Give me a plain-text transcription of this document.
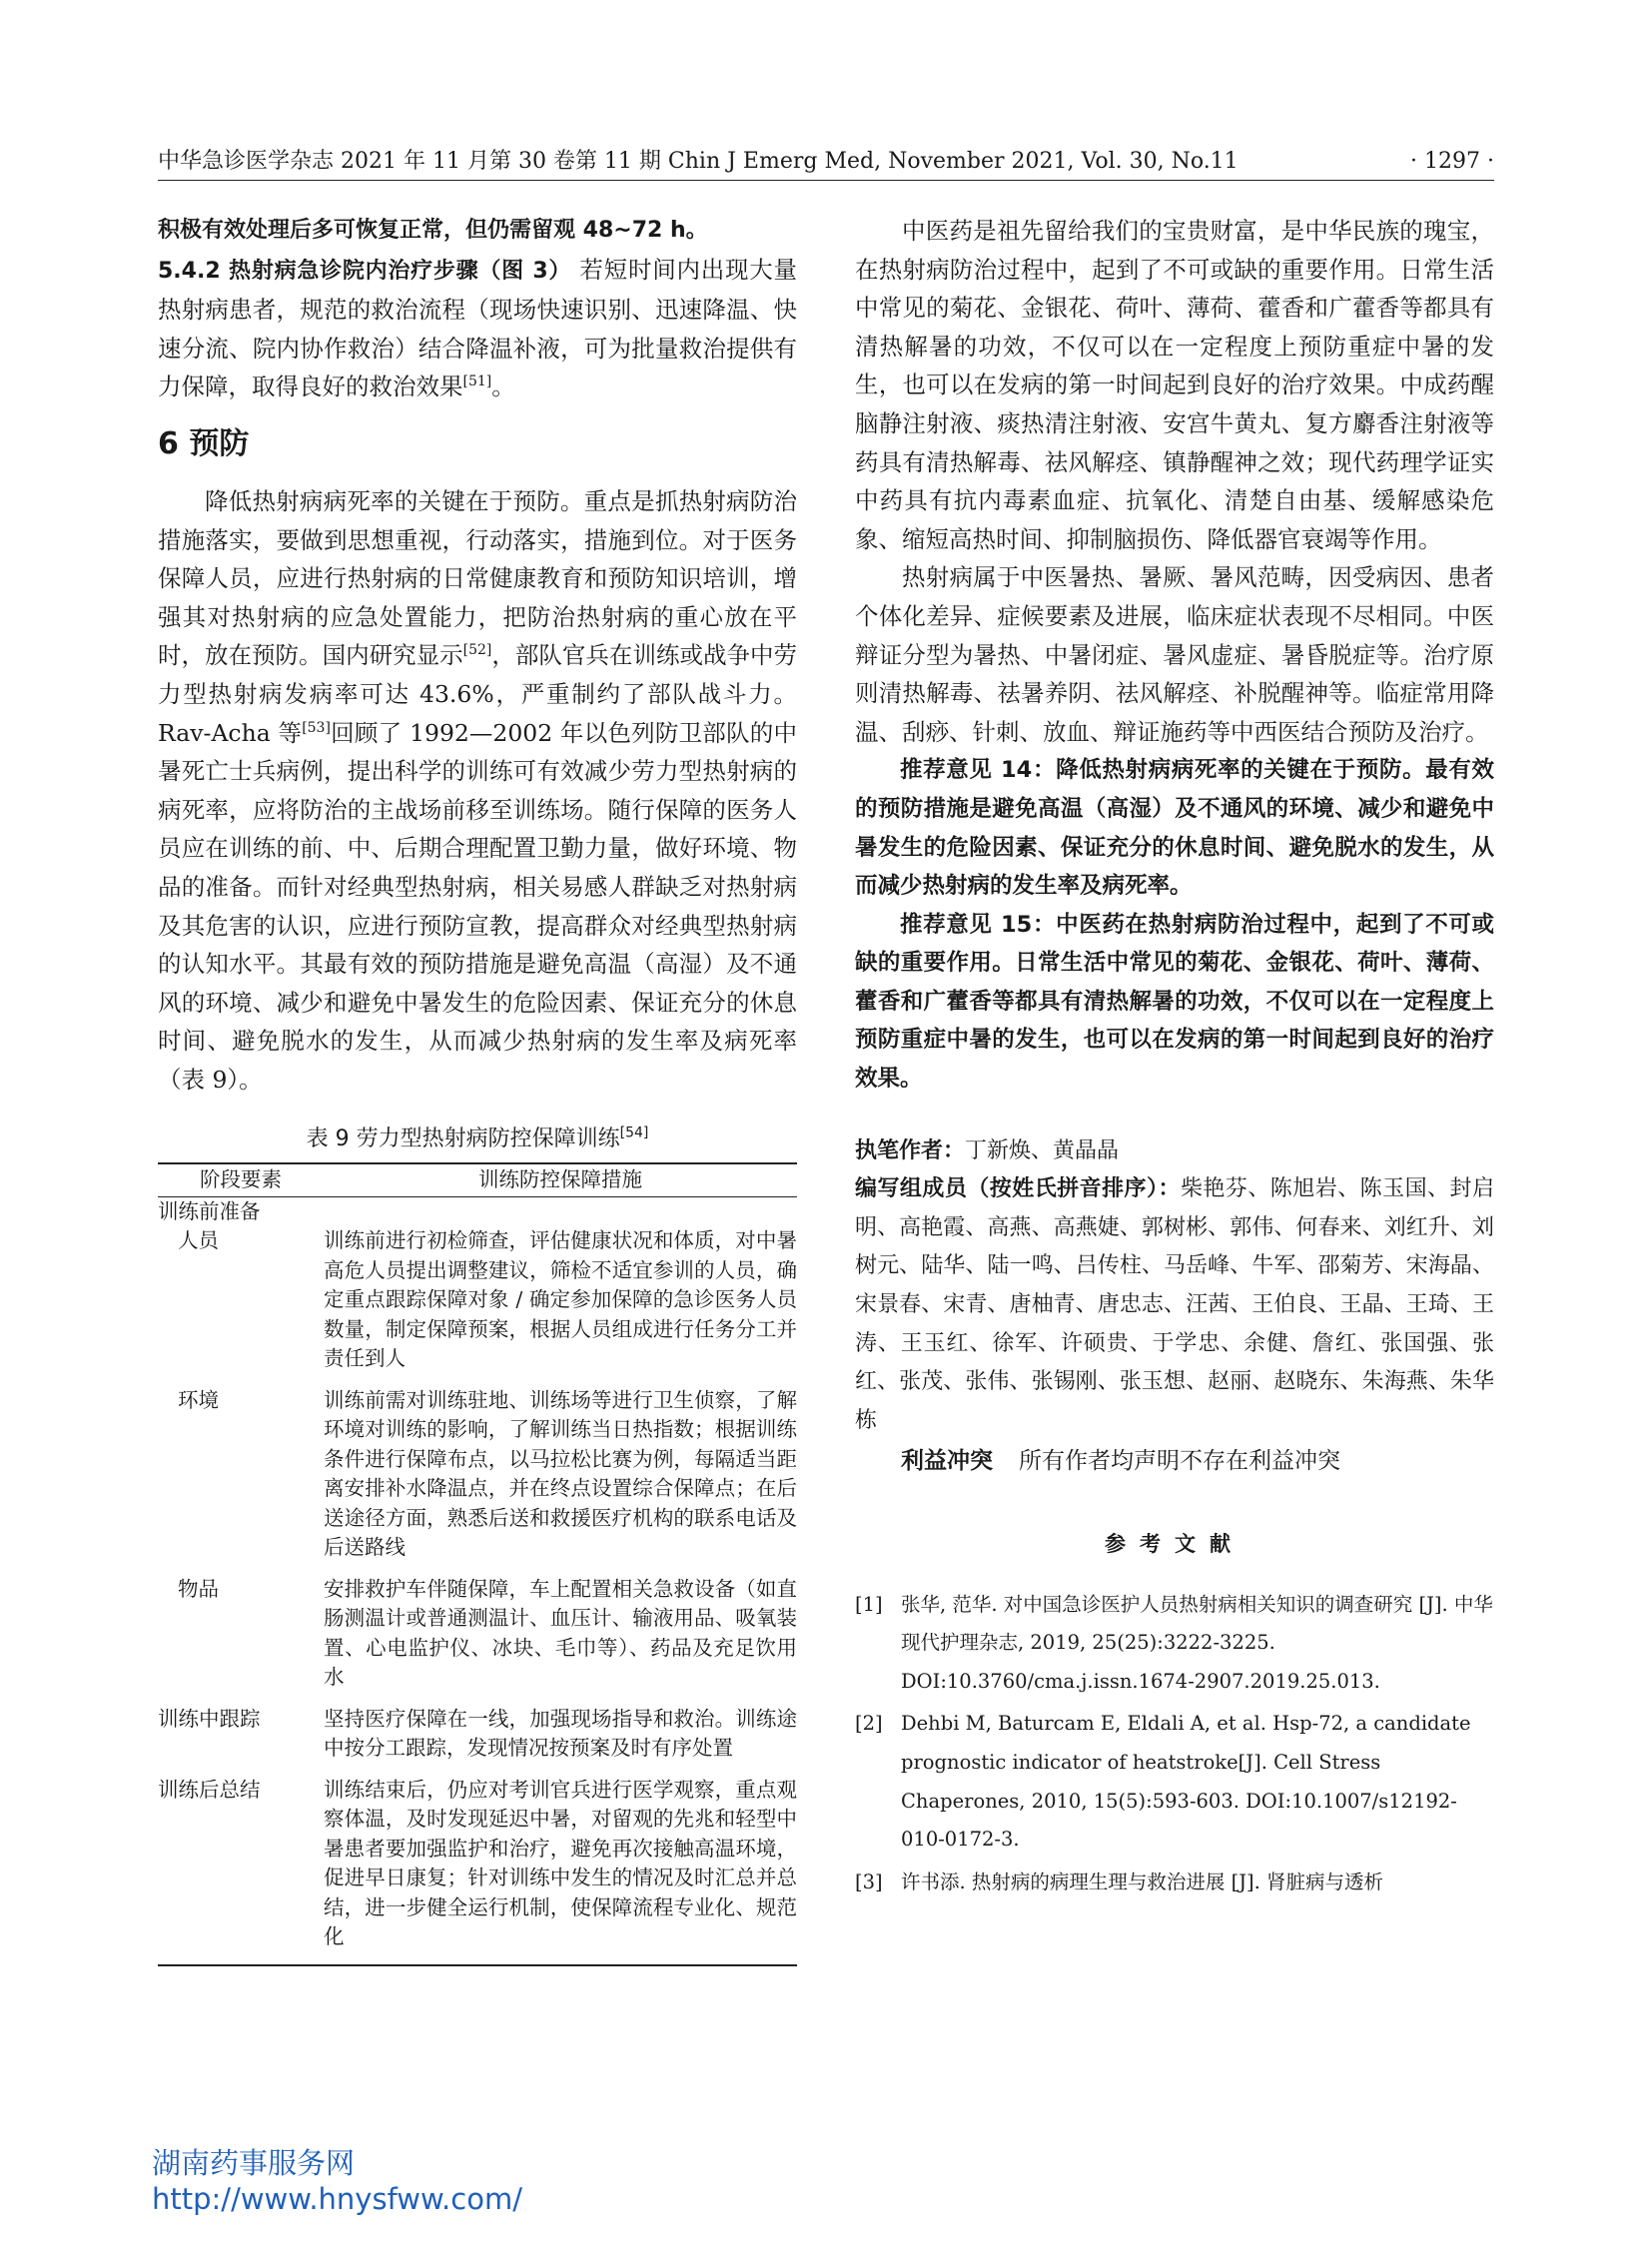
中华急诊医学杂志 2021 年 11 月第 30 卷第 11 期 Chin J Emerg Med, November 2021, Vol. 30, No.11	· 1297 ·

积极有效处理后多可恢复正常，但仍需留观 48~72 h。

5.4.2 热射病急诊院内治疗步骤（图 3） 若短时间内出现大量热射病患者，规范的救治流程（现场快速识别、迅速降温、快速分流、院内协作救治）结合降温补液，可为批量救治提供有力保障，取得良好的救治效果[51]。

6 预防

降低热射病病死率的关键在于预防。重点是抓热射病防治措施落实，要做到思想重视，行动落实，措施到位。对于医务保障人员，应进行热射病的日常健康教育和预防知识培训，增强其对热射病的应急处置能力，把防治热射病的重心放在平时，放在预防。国内研究显示[52]，部队官兵在训练或战争中劳力型热射病发病率可达 43.6%，严重制约了部队战斗力。Rav-Acha 等[53]回顾了 1992—2002 年以色列防卫部队的中暑死亡士兵病例，提出科学的训练可有效减少劳力型热射病的病死率，应将防治的主战场前移至训练场。随行保障的医务人员应在训练的前、中、后期合理配置卫勤力量，做好环境、物品的准备。而针对经典型热射病，相关易感人群缺乏对热射病及其危害的认识，应进行预防宣教，提高群众对经典型热射病的认知水平。其最有效的预防措施是避免高温（高湿）及不通风的环境、减少和避免中暑发生的危险因素、保证充分的休息时间、避免脱水的发生，从而减少热射病的发生率及病死率（表 9）。

表 9 劳力型热射病防控保障训练[54]
阶段要素	训练防控保障措施
训练前准备	

人员	训练前进行初检筛查，评估健康状况和体质，对中暑高危人员提出调整建议，筛检不适宜参训的人员，确定重点跟踪保障对象 / 确定参加保障的急诊医务人员数量，制定保障预案，根据人员组成进行任务分工并责任到人

环境	训练前需对训练驻地、训练场等进行卫生侦察，了解环境对训练的影响，了解训练当日热指数；根据训练条件进行保障布点，以马拉松比赛为例，每隔适当距离安排补水降温点，并在终点设置综合保障点；在后送途径方面，熟悉后送和救援医疗机构的联系电话及后送路线

物品	安排救护车伴随保障，车上配置相关急救设备（如直肠测温计或普通测温计、血压计、输液用品、吸氧装置、心电监护仪、冰块、毛巾等）、药品及充足饮用水
训练中跟踪	坚持医疗保障在一线，加强现场指导和救治。训练途中按分工跟踪，发现情况按预案及时有序处置
训练后总结	训练结束后，仍应对考训官兵进行医学观察，重点观察体温，及时发现延迟中暑，对留观的先兆和轻型中暑患者要加强监护和治疗，避免再次接触高温环境，促进早日康复；针对训练中发生的情况及时汇总并总结，进一步健全运行机制，使保障流程专业化、规范化

中医药是祖先留给我们的宝贵财富，是中华民族的瑰宝，在热射病防治过程中，起到了不可或缺的重要作用。日常生活中常见的菊花、金银花、荷叶、薄荷、藿香和广藿香等都具有清热解暑的功效，不仅可以在一定程度上预防重症中暑的发生，也可以在发病的第一时间起到良好的治疗效果。中成药醒脑静注射液、痰热清注射液、安宫牛黄丸、复方麝香注射液等药具有清热解毒、祛风解痉、镇静醒神之效；现代药理学证实中药具有抗内毒素血症、抗氧化、清楚自由基、缓解感染危象、缩短高热时间、抑制脑损伤、降低器官衰竭等作用。

热射病属于中医暑热、暑厥、暑风范畴，因受病因、患者个体化差异、症候要素及进展，临床症状表现不尽相同。中医辩证分型为暑热、中暑闭症、暑风虚症、暑昏脱症等。治疗原则清热解毒、祛暑养阴、祛风解痉、补脱醒神等。临症常用降温、刮痧、针刺、放血、辩证施药等中西医结合预防及治疗。

推荐意见 14：降低热射病病死率的关键在于预防。最有效的预防措施是避免高温（高湿）及不通风的环境、减少和避免中暑发生的危险因素、保证充分的休息时间、避免脱水的发生，从而减少热射病的发生率及病死率。

推荐意见 15：中医药在热射病防治过程中，起到了不可或缺的重要作用。日常生活中常见的菊花、金银花、荷叶、薄荷、藿香和广藿香等都具有清热解暑的功效，不仅可以在一定程度上预防重症中暑的发生，也可以在发病的第一时间起到良好的治疗效果。

执笔作者：丁新焕、黄晶晶

编写组成员（按姓氏拼音排序）：柴艳芬、陈旭岩、陈玉国、封启明、高艳霞、高燕、高燕婕、郭树彬、郭伟、何春来、刘红升、刘树元、陆华、陆一鸣、吕传柱、马岳峰、牛军、邵菊芳、宋海晶、宋景春、宋青、唐柚青、唐忠志、汪茜、王伯良、王晶、王琦、王涛、王玉红、徐军、许硕贵、于学忠、余健、詹红、张国强、张红、张茂、张伟、张锡刚、张玉想、赵丽、赵晓东、朱海燕、朱华栋

利益冲突 所有作者均声明不存在利益冲突

参考文献
[1] 张华, 范华. 对中国急诊医护人员热射病相关知识的调查研究 [J]. 中华现代护理杂志, 2019, 25(25):3222-3225. DOI:10.3760/cma.j.issn.1674-2907.2019.25.013.
[2] Dehbi M, Baturcam E, Eldali A, et al. Hsp-72, a candidate prognostic indicator of heatstroke[J]. Cell Stress Chaperones, 2010, 15(5):593-603. DOI:10.1007/s12192-010-0172-3.
[3] 许书添. 热射病的病理生理与救治进展 [J]. 肾脏病与透析
湖南药事服务网
http://www.hnysfww.com/
